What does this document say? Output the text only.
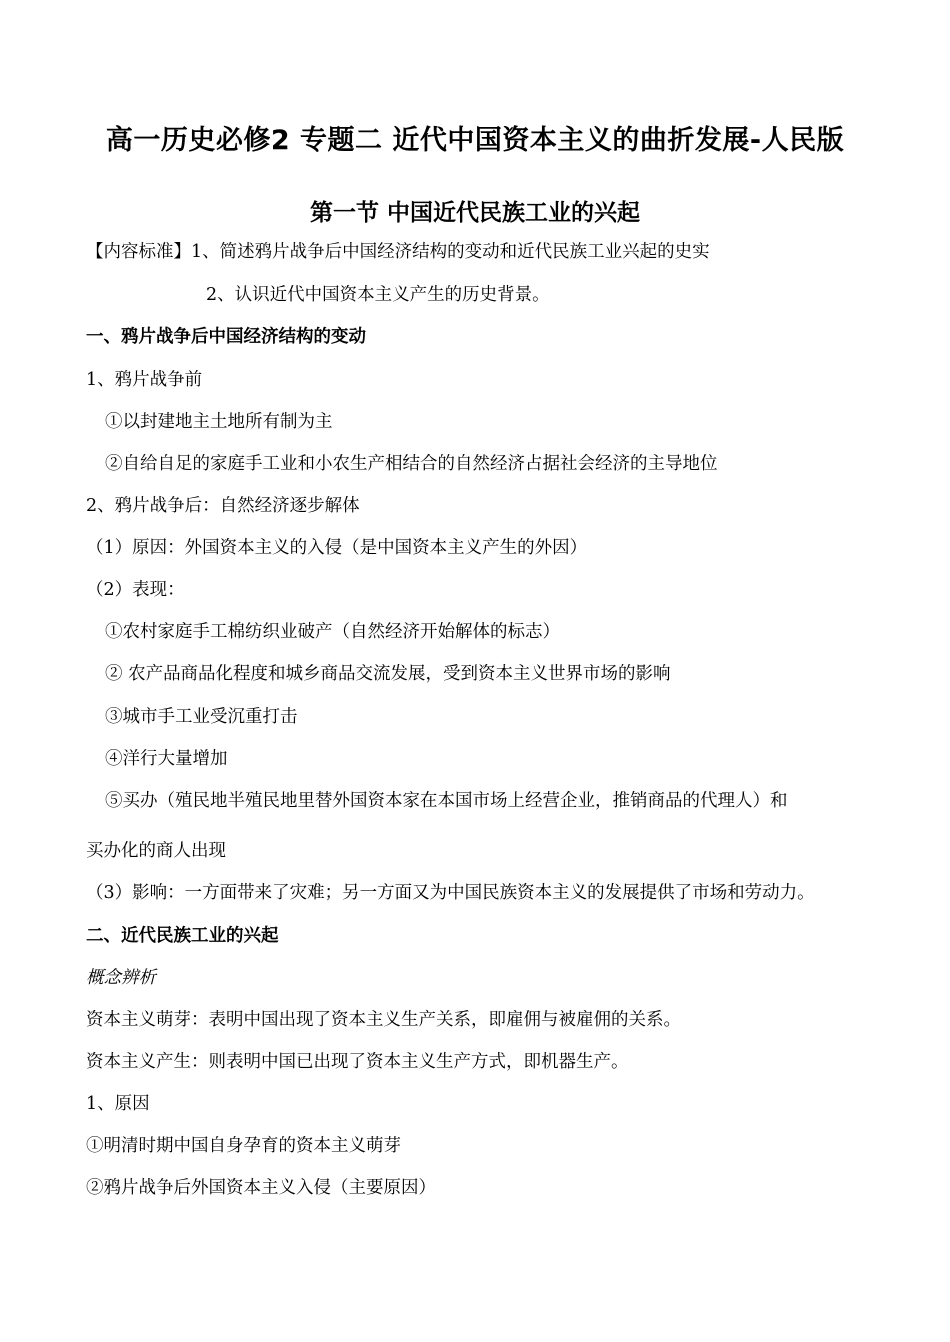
高一历史必修2 专题二 近代中国资本主义的曲折发展-人民版
第一节 中国近代民族工业的兴起
【内容标准】1、简述鸦片战争后中国经济结构的变动和近代民族工业兴起的史实
2、认识近代中国资本主义产生的历史背景。
一、鸦片战争后中国经济结构的变动
1、鸦片战争前
①以封建地主土地所有制为主
②自给自足的家庭手工业和小农生产相结合的自然经济占据社会经济的主导地位
2、鸦片战争后：自然经济逐步解体
（1）原因：外国资本主义的入侵（是中国资本主义产生的外因）
（2）表现：
①农村家庭手工棉纺织业破产（自然经济开始解体的标志）
② 农产品商品化程度和城乡商品交流发展，受到资本主义世界市场的影响
③城市手工业受沉重打击
④洋行大量增加
⑤买办（殖民地半殖民地里替外国资本家在本国市场上经营企业，推销商品的代理人）和
买办化的商人出现
（3）影响：一方面带来了灾难；另一方面又为中国民族资本主义的发展提供了市场和劳动力。
二、近代民族工业的兴起
概念辨析
资本主义萌芽：表明中国出现了资本主义生产关系，即雇佣与被雇佣的关系。
资本主义产生：则表明中国已出现了资本主义生产方式，即机器生产。
1、原因
①明清时期中国自身孕育的资本主义萌芽
②鸦片战争后外国资本主义入侵（主要原因）
